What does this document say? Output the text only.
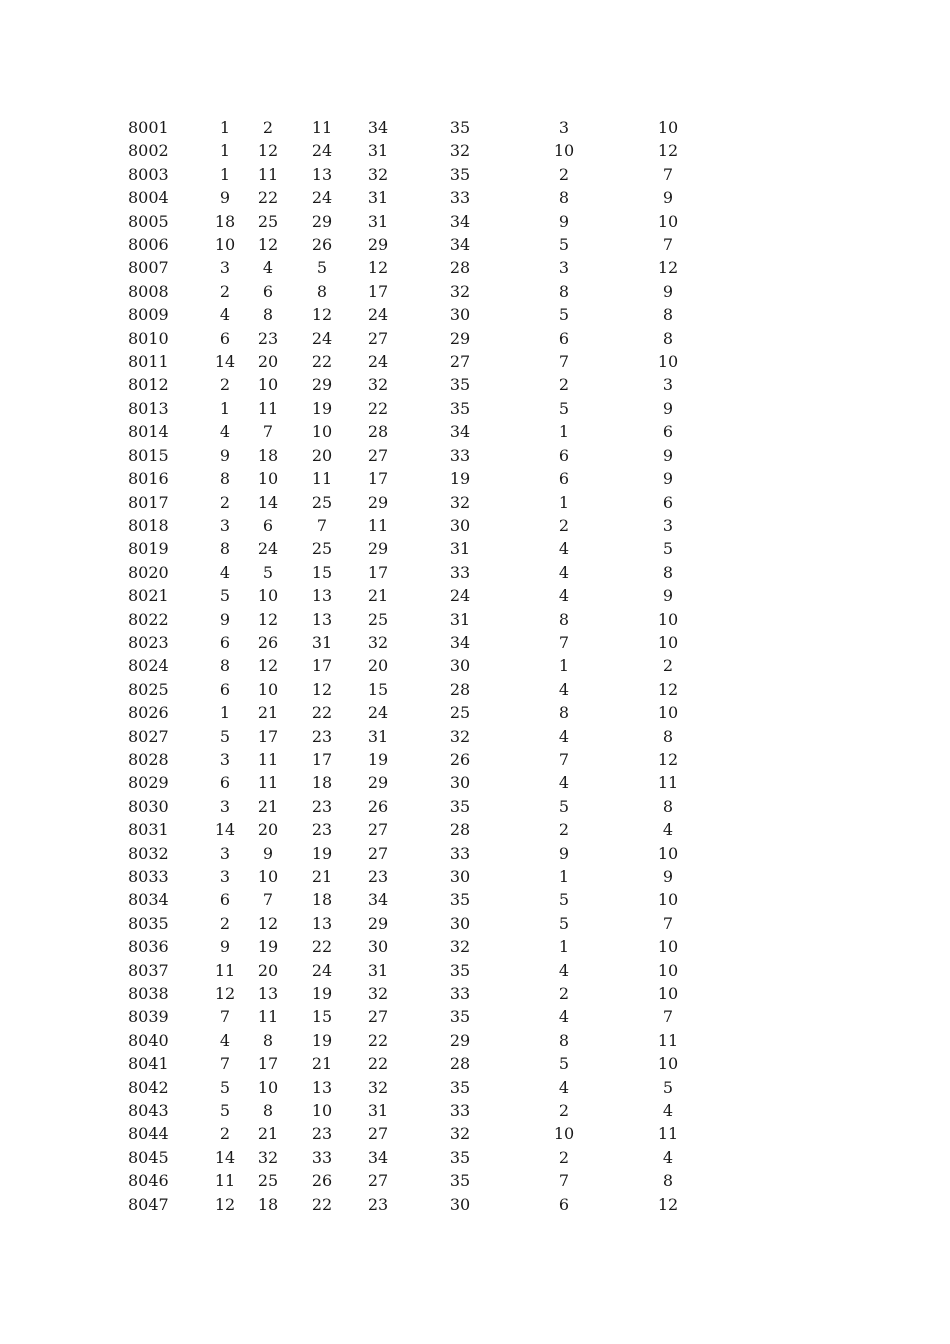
8001	1	2	11	34	35	3	10
8002	1	12	24	31	32	10	12
8003	1	11	13	32	35	2	7
8004	9	22	24	31	33	8	9
8005	18	25	29	31	34	9	10
8006	10	12	26	29	34	5	7
8007	3	4	5	12	28	3	12
8008	2	6	8	17	32	8	9
8009	4	8	12	24	30	5	8
8010	6	23	24	27	29	6	8
8011	14	20	22	24	27	7	10
8012	2	10	29	32	35	2	3
8013	1	11	19	22	35	5	9
8014	4	7	10	28	34	1	6
8015	9	18	20	27	33	6	9
8016	8	10	11	17	19	6	9
8017	2	14	25	29	32	1	6
8018	3	6	7	11	30	2	3
8019	8	24	25	29	31	4	5
8020	4	5	15	17	33	4	8
8021	5	10	13	21	24	4	9
8022	9	12	13	25	31	8	10
8023	6	26	31	32	34	7	10
8024	8	12	17	20	30	1	2
8025	6	10	12	15	28	4	12
8026	1	21	22	24	25	8	10
8027	5	17	23	31	32	4	8
8028	3	11	17	19	26	7	12
8029	6	11	18	29	30	4	11
8030	3	21	23	26	35	5	8
8031	14	20	23	27	28	2	4
8032	3	9	19	27	33	9	10
8033	3	10	21	23	30	1	9
8034	6	7	18	34	35	5	10
8035	2	12	13	29	30	5	7
8036	9	19	22	30	32	1	10
8037	11	20	24	31	35	4	10
8038	12	13	19	32	33	2	10
8039	7	11	15	27	35	4	7
8040	4	8	19	22	29	8	11
8041	7	17	21	22	28	5	10
8042	5	10	13	32	35	4	5
8043	5	8	10	31	33	2	4
8044	2	21	23	27	32	10	11
8045	14	32	33	34	35	2	4
8046	11	25	26	27	35	7	8
8047	12	18	22	23	30	6	12
